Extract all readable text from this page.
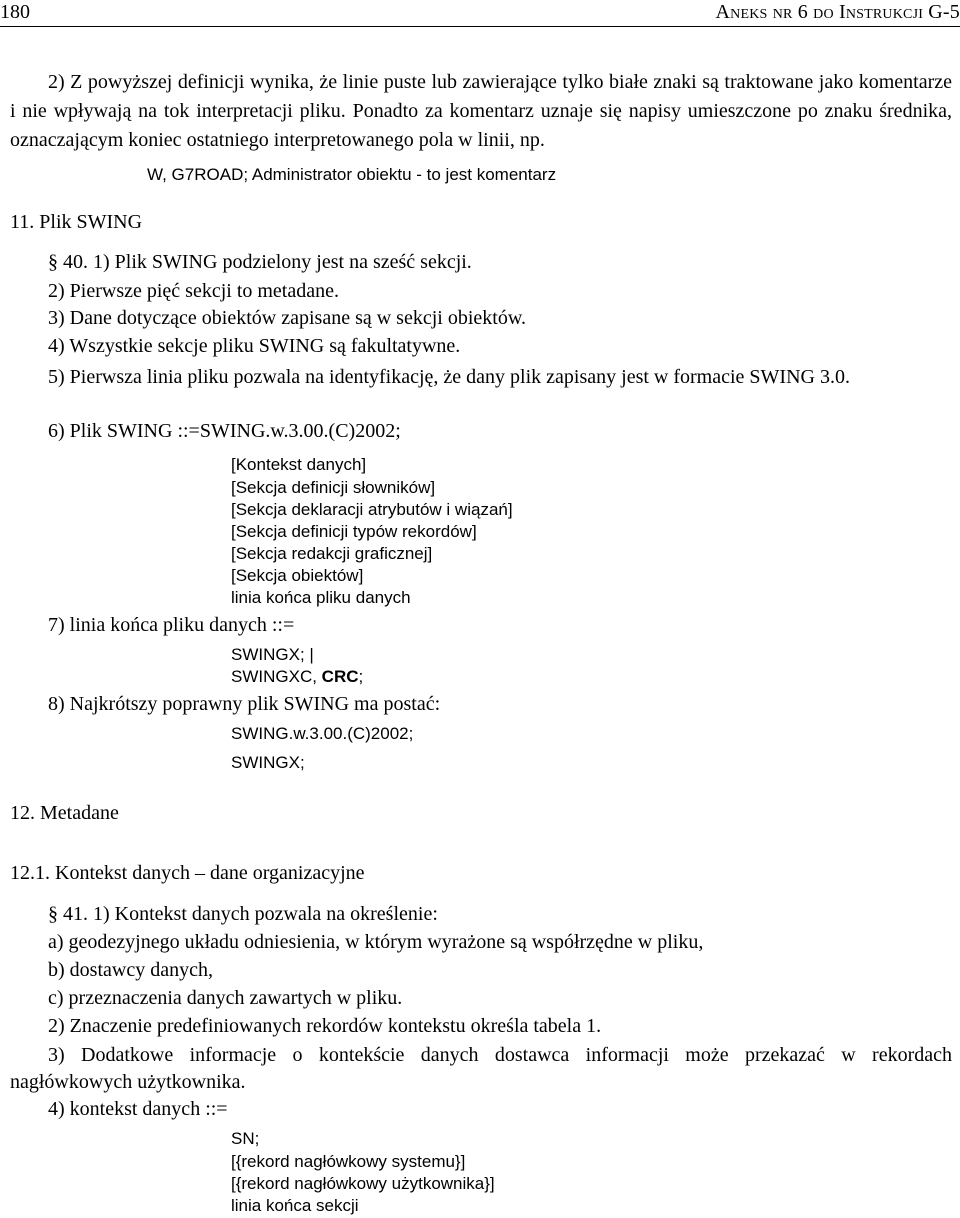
180	Aneks nr 6 do Instrukcji G-5
2) Z powyższej definicji wynika, że linie puste lub zawierające tylko białe znaki są traktowane jako komentarze i nie wpływają na tok interpretacji pliku. Ponadto za komentarz uznaje się napisy umieszczone po znaku średnika, oznaczającym koniec ostatniego interpretowanego pola w linii, np.
W, G7ROAD; Administrator obiektu - to jest komentarz
11. Plik SWING
§ 40. 1) Plik SWING podzielony jest na sześć sekcji.
2) Pierwsze pięć sekcji to metadane.
3) Dane dotyczące obiektów zapisane są w sekcji obiektów.
4) Wszystkie sekcje pliku SWING są fakultatywne.
5) Pierwsza linia pliku pozwala na identyfikację, że dany plik zapisany jest w formacie SWING 3.0.
6) Plik SWING ::=SWING.w.3.00.(C)2002;
[Kontekst danych]
[Sekcja definicji słowników]
[Sekcja deklaracji atrybutów i wiązań]
[Sekcja definicji typów rekordów]
[Sekcja redakcji graficznej]
[Sekcja obiektów]
linia końca pliku danych
7) linia końca pliku danych ::=
SWINGX; |
SWINGXC, CRC;
8) Najkrótszy poprawny plik SWING ma postać:
SWING.w.3.00.(C)2002;
SWINGX;
12. Metadane
12.1. Kontekst danych – dane organizacyjne
§ 41. 1) Kontekst danych pozwala na określenie:
a) geodezyjnego układu odniesienia, w którym wyrażone są współrzędne w pliku,
b) dostawcy danych,
c) przeznaczenia danych zawartych w pliku.
2) Znaczenie predefiniowanych rekordów kontekstu określa tabela 1.
3) Dodatkowe informacje o kontekście danych dostawca informacji może przekazać w rekordach nagłówkowych użytkownika.
4) kontekst danych ::=
SN;
[{rekord nagłówkowy systemu}]
[{rekord nagłówkowy użytkownika}]
linia końca sekcji
